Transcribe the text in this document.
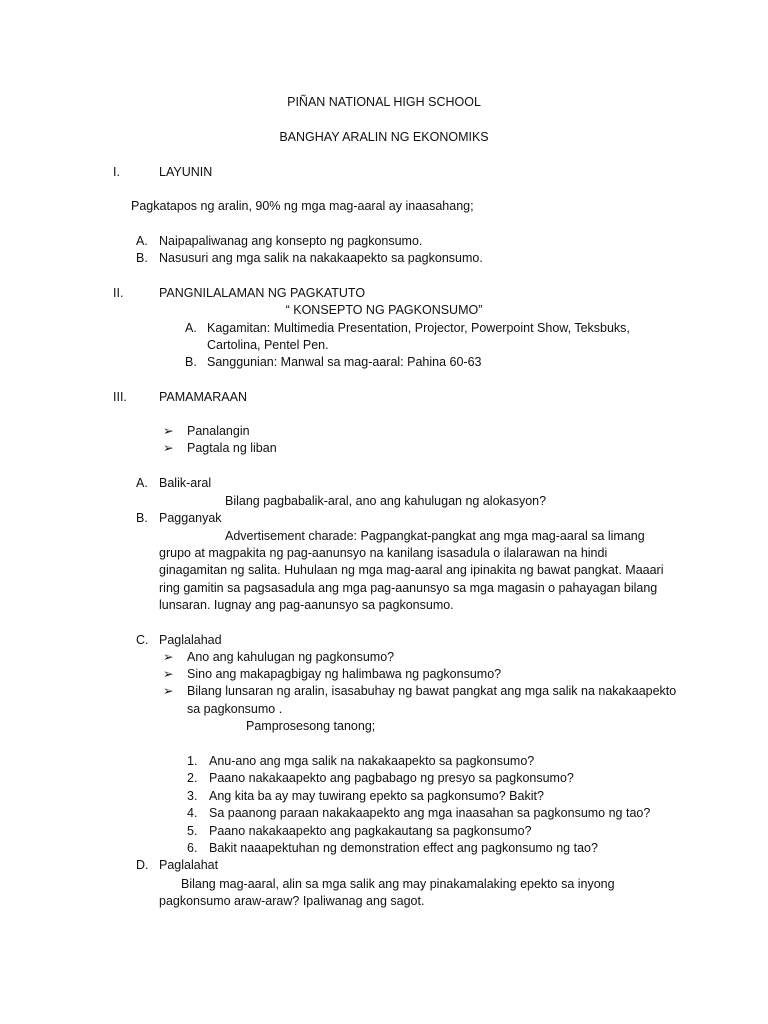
PIÑAN NATIONAL HIGH SCHOOL
BANGHAY ARALIN NG EKONOMIKS
I.	LAYUNIN
Pagkatapos ng aralin, 90% ng mga mag-aaral ay inaasahang;
A. Naipapaliwanag ang konsepto ng pagkonsumo.
B. Nasusuri ang mga salik na nakakaapekto sa pagkonsumo.
II.	PANGNILALAMAN NG PAGKATUTO
“ KONSEPTO NG PAGKONSUMO”
A. Kagamitan: Multimedia Presentation, Projector, Powerpoint Show, Teksbuks,
Cartolina, Pentel Pen.
B. Sanggunian: Manwal sa mag-aaral: Pahina 60-63
III.	PAMAMARAAN
➢ Panalangin
➢ Pagtala ng liban
A. Balik-aral
Bilang pagbabalik-aral, ano ang kahulugan ng alokasyon?
B. Pagganyak
Advertisement charade: Pagpangkat-pangkat ang mga mag-aaral sa limang
grupo at magpakita ng pag-aanunsyo na kanilang isasadula o ilalarawan na hindi
ginagamitan ng salita. Huhulaan ng mga mag-aaral ang ipinakita ng bawat pangkat. Maaari
ring gamitin sa pagsasadula ang mga pag-aanunsyo sa mga magasin o pahayagan bilang
lunsaran. Iugnay ang pag-aanunsyo sa pagkonsumo.
C. Paglalahad
➢ Ano ang kahulugan ng pagkonsumo?
➢ Sino ang makapagbigay ng halimbawa ng pagkonsumo?
➢ Bilang lunsaran ng aralin, isasabuhay ng bawat pangkat ang mga salik na nakakaapekto
sa pagkonsumo .
Pamprosesong tanong;
1. Anu-ano ang mga salik na nakakaapekto sa pagkonsumo?
2. Paano nakakaapekto ang pagbabago ng presyo sa pagkonsumo?
3. Ang kita ba ay may tuwirang epekto sa pagkonsumo? Bakit?
4. Sa paanong paraan nakakaapekto ang mga inaasahan sa pagkonsumo ng tao?
5. Paano nakakaapekto ang pagkakautang sa pagkonsumo?
6. Bakit naaapektuhan ng demonstration effect ang pagkonsumo ng tao?
D. Paglalahat
Bilang mag-aaral, alin sa mga salik ang may pinakamalaking epekto sa inyong
pagkonsumo araw-araw? Ipaliwanag ang sagot.
